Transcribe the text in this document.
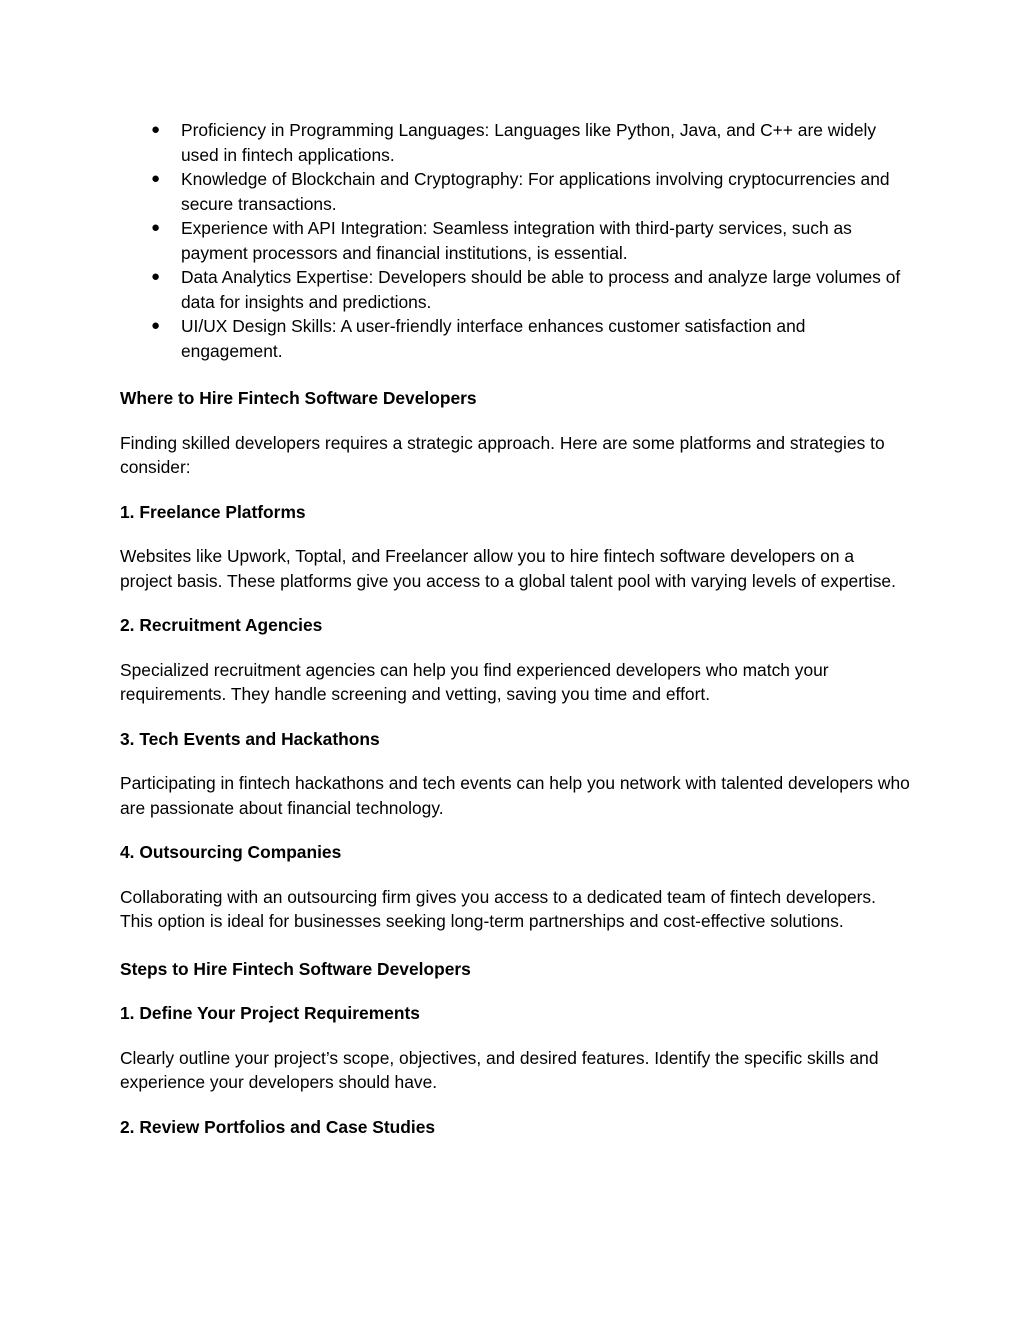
● Proficiency in Programming Languages: Languages like Python, Java, and C++ are widely used in fintech applications.
● Knowledge of Blockchain and Cryptography: For applications involving cryptocurrencies and secure transactions.
● Experience with API Integration: Seamless integration with third-party services, such as payment processors and financial institutions, is essential.
● Data Analytics Expertise: Developers should be able to process and analyze large volumes of data for insights and predictions.
● UI/UX Design Skills: A user-friendly interface enhances customer satisfaction and engagement.

Where to Hire Fintech Software Developers

Finding skilled developers requires a strategic approach. Here are some platforms and strategies to consider:

1. Freelance Platforms

Websites like Upwork, Toptal, and Freelancer allow you to hire fintech software developers on a project basis. These platforms give you access to a global talent pool with varying levels of expertise.

2. Recruitment Agencies

Specialized recruitment agencies can help you find experienced developers who match your requirements. They handle screening and vetting, saving you time and effort.

3. Tech Events and Hackathons

Participating in fintech hackathons and tech events can help you network with talented developers who are passionate about financial technology.

4. Outsourcing Companies

Collaborating with an outsourcing firm gives you access to a dedicated team of fintech developers. This option is ideal for businesses seeking long-term partnerships and cost-effective solutions.

Steps to Hire Fintech Software Developers

1. Define Your Project Requirements

Clearly outline your project’s scope, objectives, and desired features. Identify the specific skills and experience your developers should have.

2. Review Portfolios and Case Studies
